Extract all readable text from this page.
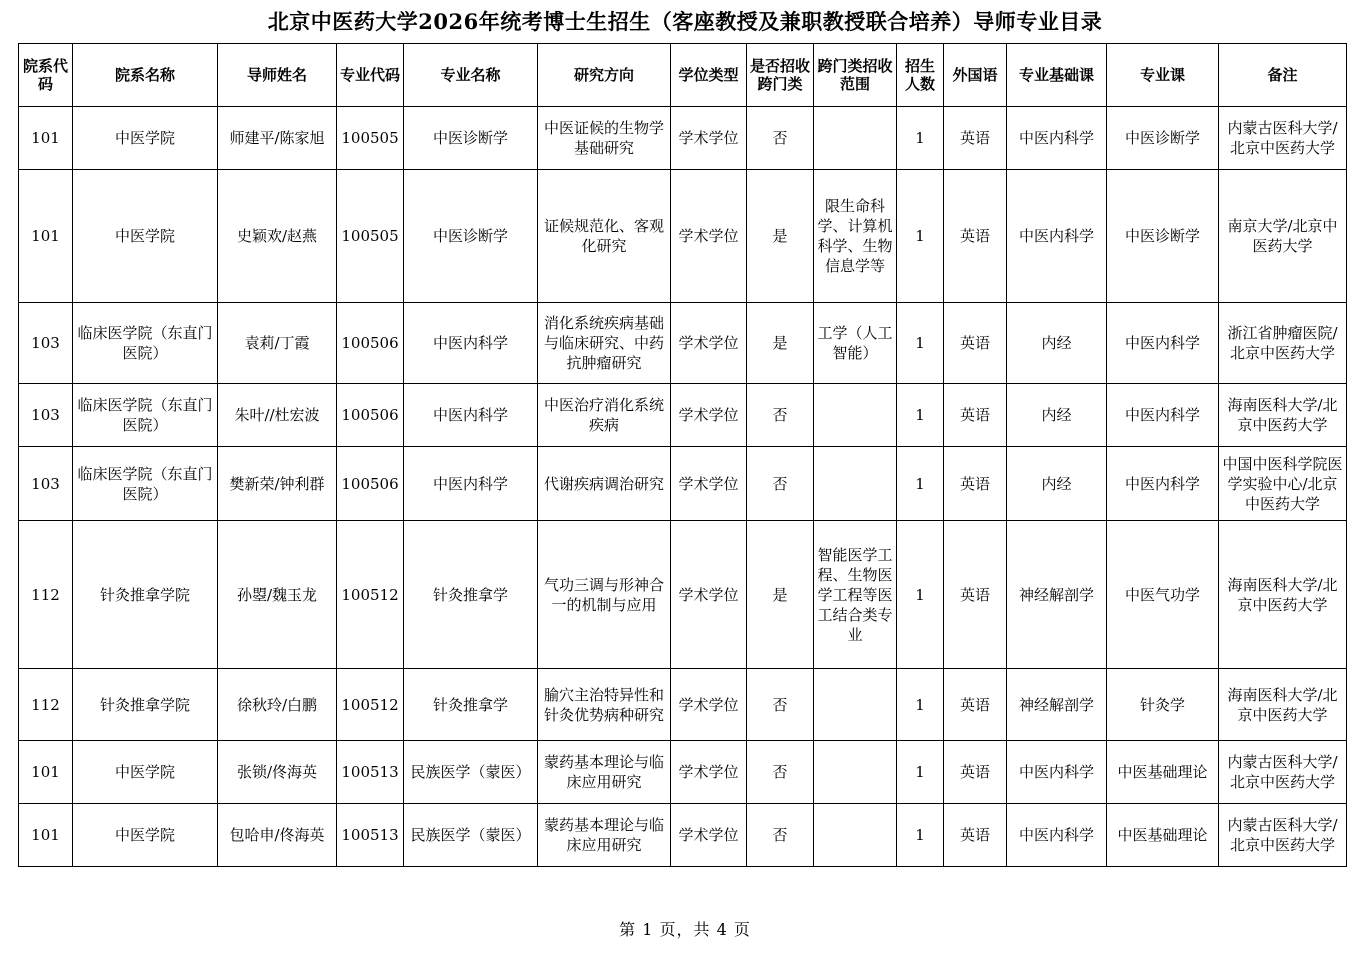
北京中医药大学2026年统考博士生招生（客座教授及兼职教授联合培养）导师专业目录
院系代码	院系名称	导师姓名	专业代码	专业名称	研究方向	学位类型	是否招收跨门类	跨门类招收范围	招生人数	外国语	专业基础课	专业课	备注
101	中医学院	师建平/陈家旭	100505	中医诊断学	中医证候的生物学基础研究	学术学位	否		1	英语	中医内科学	中医诊断学	内蒙古医科大学/北京中医药大学
101	中医学院	史颖欢/赵燕	100505	中医诊断学	证候规范化、客观化研究	学术学位	是	限生命科学、计算机科学、生物信息学等	1	英语	中医内科学	中医诊断学	南京大学/北京中医药大学
103	临床医学院（东直门医院）	袁莉/丁霞	100506	中医内科学	消化系统疾病基础与临床研究、中药抗肿瘤研究	学术学位	是	工学（人工智能）	1	英语	内经	中医内科学	浙江省肿瘤医院/北京中医药大学
103	临床医学院（东直门医院）	朱叶//杜宏波	100506	中医内科学	中医治疗消化系统疾病	学术学位	否		1	英语	内经	中医内科学	海南医科大学/北京中医药大学
103	临床医学院（东直门医院）	樊新荣/钟利群	100506	中医内科学	代谢疾病调治研究	学术学位	否		1	英语	内经	中医内科学	中国中医科学院医学实验中心/北京中医药大学
112	针灸推拿学院	孙曌/魏玉龙	100512	针灸推拿学	气功三调与形神合一的机制与应用	学术学位	是	智能医学工程、生物医学工程等医工结合类专业	1	英语	神经解剖学	中医气功学	海南医科大学/北京中医药大学
112	针灸推拿学院	徐秋玲/白鹏	100512	针灸推拿学	腧穴主治特异性和针灸优势病种研究	学术学位	否		1	英语	神经解剖学	针灸学	海南医科大学/北京中医药大学
101	中医学院	张锁/佟海英	100513	民族医学（蒙医）	蒙药基本理论与临床应用研究	学术学位	否		1	英语	中医内科学	中医基础理论	内蒙古医科大学/北京中医药大学
101	中医学院	包哈申/佟海英	100513	民族医学（蒙医）	蒙药基本理论与临床应用研究	学术学位	否		1	英语	中医内科学	中医基础理论	内蒙古医科大学/北京中医药大学
第 1 页，共 4 页
